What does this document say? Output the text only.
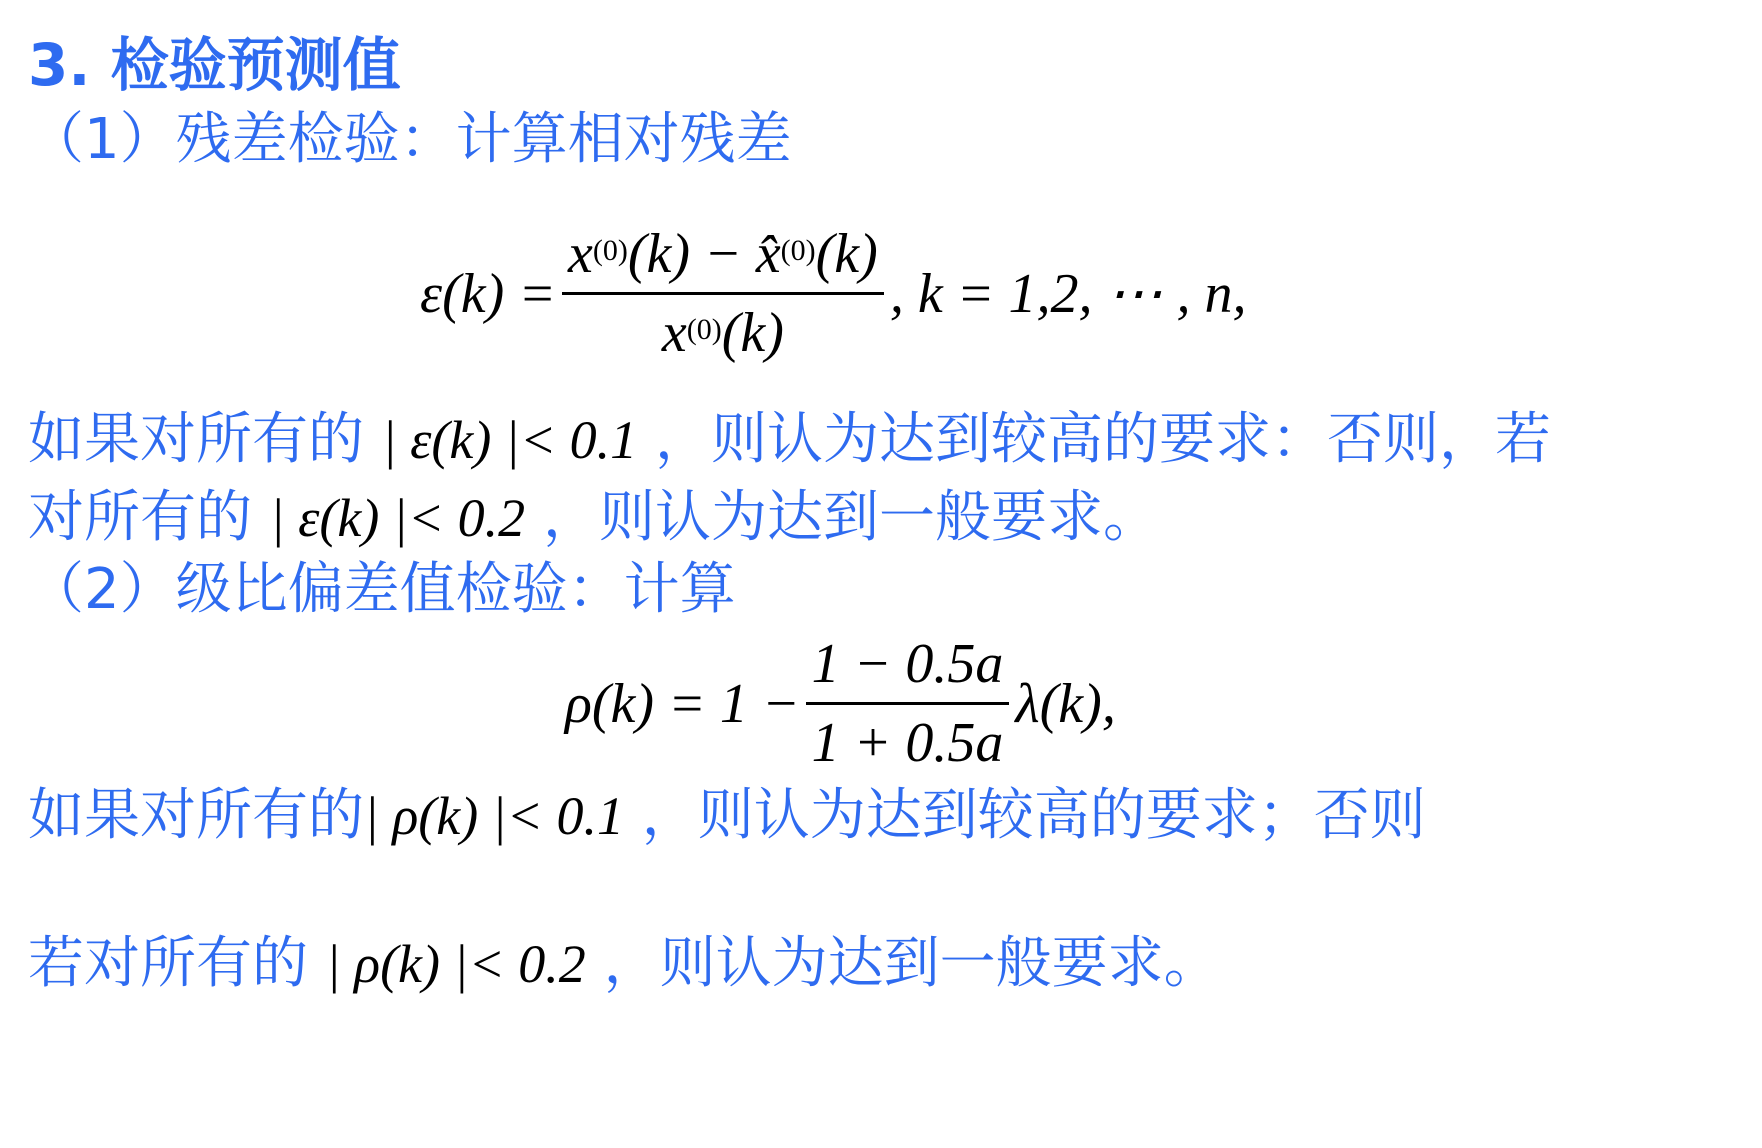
3. 检验预测值
（1）残差检验：计算相对残差
$\varepsilon(k) = \frac{x^{(0)}(k) - x̂^{(0)}(k)}{x^{(0)}(k)}$ , k = 1,2, ⋯ , n,
如果对所有的 | ε(k) |< 0.1 ，则认为达到较高的要求：否则，若
对所有的 | ε(k) |< 0.2 ，则认为达到一般要求。
（2）级比偏差值检验：计算
$\rho(k) = 1 - \frac{1 - 0.5a}{1 + 0.5a} \lambda(k)$,
如果对所有的| ρ(k) |< 0.1 ，则认为达到较高的要求；否则
若对所有的 | ρ(k) |< 0.2 ，则认为达到一般要求。
